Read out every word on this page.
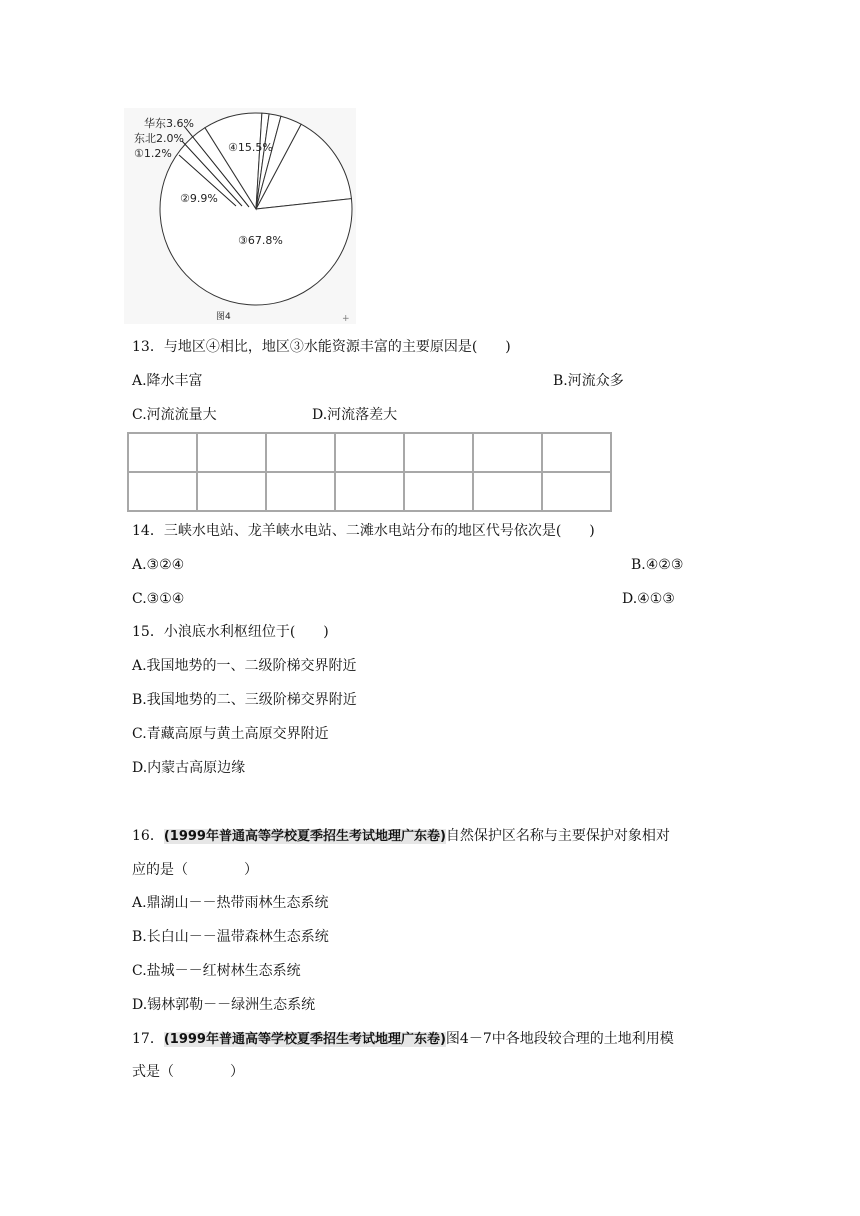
华东3.6%
东北2.0%
①1.2%	④15.5%
②9.9%
③67.8%
图4	+
13．与地区④相比，地区③水能资源丰富的主要原因是(　　)
A.降水丰富	B.河流众多
C.河流流量大	D.河流落差大

14．三峡水电站、龙羊峡水电站、二滩水电站分布的地区代号依次是(　　)
A.③②④	B.④②③
C.③①④	D.④①③
15．小浪底水利枢纽位于(　　)
A.我国地势的一、二级阶梯交界附近
B.我国地势的二、三级阶梯交界附近
C.青藏高原与黄土高原交界附近
D.内蒙古高原边缘
16．(1999年普通高等学校夏季招生考试地理广东卷)自然保护区名称与主要保护对象相对
应的是（　　　　）
A.鼎湖山－－热带雨林生态系统
B.长白山－－温带森林生态系统
C.盐城－－红树林生态系统
D.锡林郭勒－－绿洲生态系统
17．(1999年普通高等学校夏季招生考试地理广东卷)图4－7中各地段较合理的土地利用模
式是（　　　　）
